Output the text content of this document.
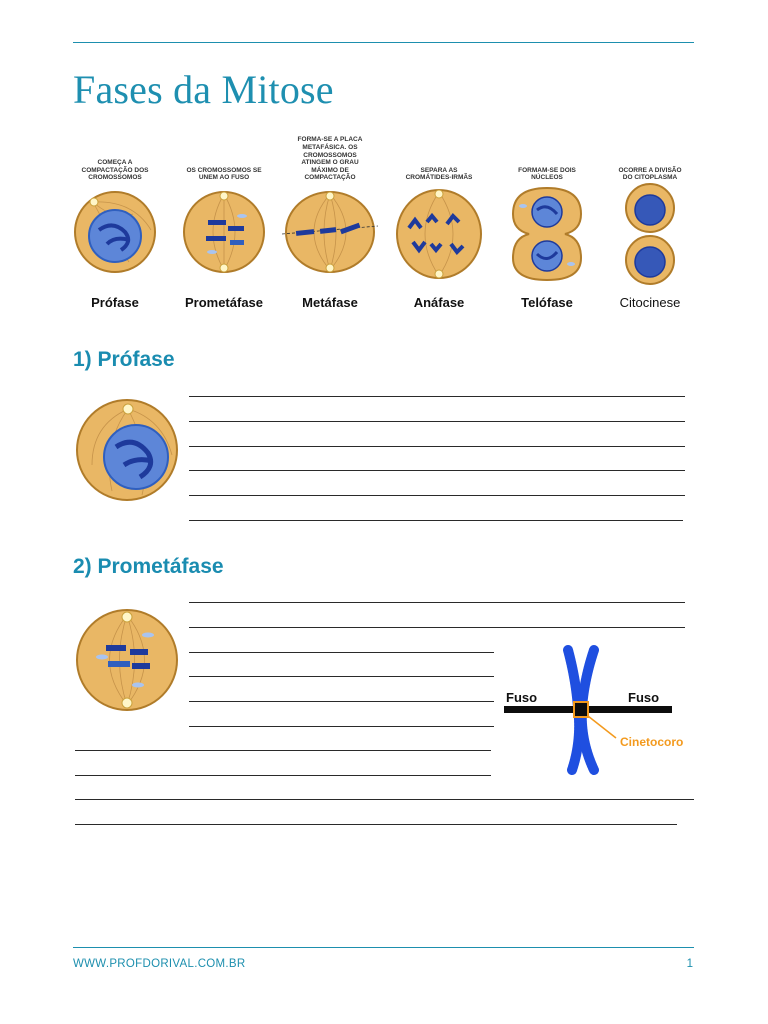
Fases da Mitose
COMEÇA A COMPACTAÇÃO DOS CROMOSSOMOS
Prófase
OS CROMOSSOMOS SE UNEM AO FUSO
Prometáfase
FORMA-SE A PLACA METAFÁSICA. OS CROMOSSOMOS ATINGEM O GRAU MÁXIMO DE COMPACTAÇÃO
Metáfase
SEPARA AS CROMÁTIDES-IRMÃS
Anáfase
FORMAM-SE DOIS NÚCLEOS
Telófase
OCORRE A DIVISÃO DO CITOPLASMA
Citocinese
1) Prófase
2) Prometáfase
Fuso	Fuso
Cinetocoro
WWW.PROFDORIVAL.COM.BR	1
